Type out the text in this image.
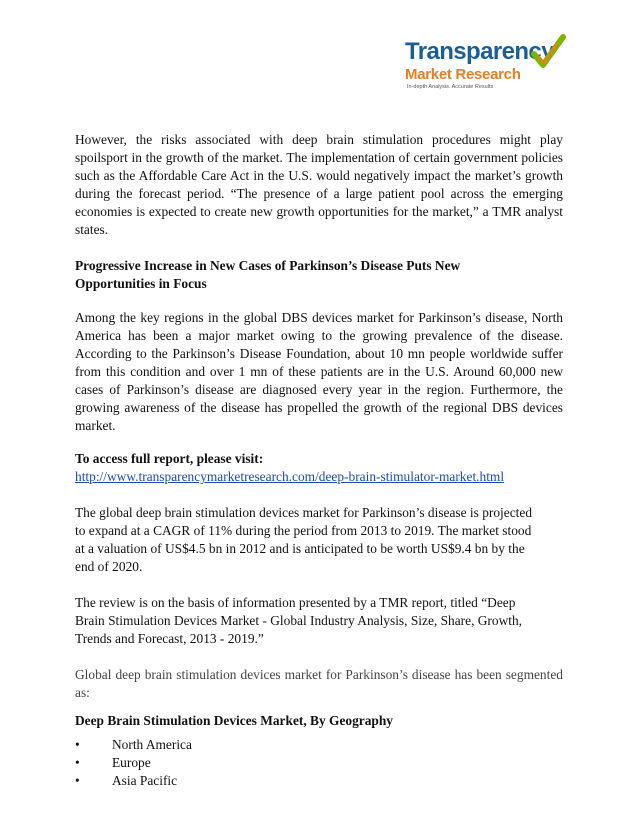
Transparency
Market Research
In-depth Analysis. Accurate Results

However, the risks associated with deep brain stimulation procedures might play spoilsport in the growth of the market. The implementation of certain government policies such as the Affordable Care Act in the U.S. would negatively impact the market’s growth during the forecast period. “The presence of a large patient pool across the emerging economies is expected to create new growth opportunities for the market,” a TMR analyst states.

Progressive Increase in New Cases of Parkinson’s Disease Puts New
Opportunities in Focus

Among the key regions in the global DBS devices market for Parkinson’s disease, North America has been a major market owing to the growing prevalence of the disease. According to the Parkinson’s Disease Foundation, about 10 mn people worldwide suffer from this condition and over 1 mn of these patients are in the U.S. Around 60,000 new cases of Parkinson’s disease are diagnosed every year in the region. Furthermore, the growing awareness of the disease has propelled the growth of the regional DBS devices market.

To access full report, please visit:

http://www.transparencymarketresearch.com/deep-brain-stimulator-market.html

The global deep brain stimulation devices market for Parkinson’s disease is projected
to expand at a CAGR of 11% during the period from 2013 to 2019. The market stood
at a valuation of US$4.5 bn in 2012 and is anticipated to be worth US$9.4 bn by the
end of 2020.

The review is on the basis of information presented by a TMR report, titled “Deep
Brain Stimulation Devices Market - Global Industry Analysis, Size, Share, Growth,
Trends and Forecast, 2013 - 2019.”

Global deep brain stimulation devices market for Parkinson’s disease has been segmented as:

Deep Brain Stimulation Devices Market, By Geography

• North America
• Europe
• Asia Pacific
